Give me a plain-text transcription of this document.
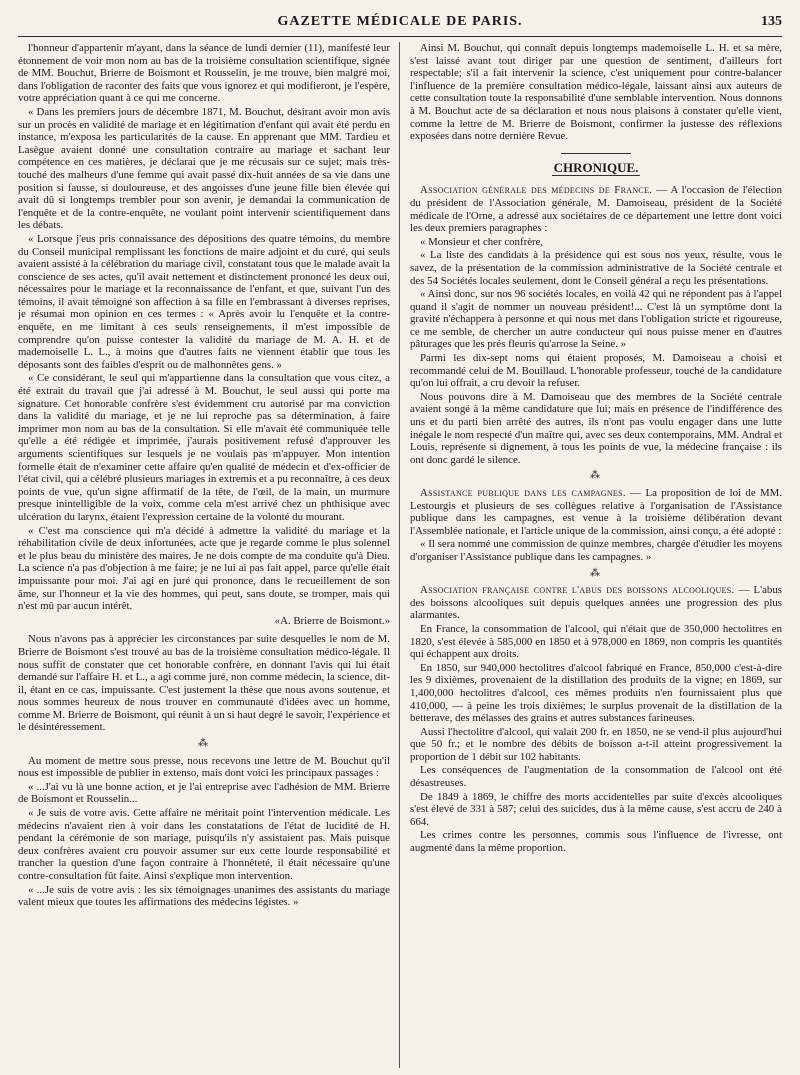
GAZETTE MÉDICALE DE PARIS.	135

l'honneur d'appartenir m'ayant, dans la séance de lundi dernier (11), manifesté leur étonnement de voir mon nom au bas de la troisième consultation scientifique, signée de MM. Bouchut, Brierre de Boismont et Rousselin, je me trouve, bien malgré moi, dans l'obligation de raconter des faits que vous ignorez et qui modifieront, je l'espère, votre appréciation quant à ce qui me concerne.

« Dans les premiers jours de décembre 1871, M. Bouchut, désirant avoir mon avis sur un procès en validité de mariage et en légitimation d'enfant qui avait été perdu en instance, m'exposa les particularités de la cause. En apprenant que MM. Tardieu et Lasègue avaient donné une consultation contraire au mariage et sachant leur compétence en ces matières, je déclarai que je me récusais sur ce sujet; mais très-touché des malheurs d'une femme qui avait passé dix-huit années de sa vie dans une position si fausse, si douloureuse, et des angoisses d'une jeune fille bien élevée qui avait dû si longtemps trembler pour son avenir, je demandai la communication de l'enquête et de la contre-enquête, ne voulant point intervenir scientifiquement dans les débats.

« Lorsque j'eus pris connaissance des dépositions des quatre témoins, du membre du Conseil municipal remplissant les fonctions de maire adjoint et du curé, qui seuls avaient assisté à la célébration du mariage civil, constatant tous que le malade avait la conscience de ses actes, qu'il avait nettement et distinctement prononcé les deux oui, nécessaires pour le mariage et la reconnaissance de l'enfant, et que, suivant l'un des témoins, il avait témoigné son affection à sa fille en l'embrassant à diverses reprises, je résumai mon opinion en ces termes : « Après avoir lu l'enquête et la contre-enquête, en me limitant à ces seuls renseignements, il m'est impossible de comprendre qu'on puisse contester la validité du mariage de M. A. H. et de mademoiselle L. L., à moins que d'autres faits ne viennent établir que tous les déposants sont des faibles d'esprit ou de malhonnêtes gens. »

« Ce considérant, le seul qui m'appartienne dans la consultation que vous citez, a été extrait du travail que j'ai adressé à M. Bouchut, le seul aussi qui porte ma signature. Cet honorable confrère s'est évidemment cru autorisé par ma conviction dans la validité du mariage, et je ne lui reproche pas sa détermination, à faire imprimer mon nom au bas de la consultation. Si elle m'avait été communiquée telle qu'elle a été rédigée et imprimée, j'aurais positivement refusé d'approuver les arguments scientifiques sur lesquels je ne voulais pas m'appuyer. Mon intention formelle était de n'examiner cette affaire qu'en qualité de médecin et d'ex-officier de l'état civil, qui a célébré plusieurs mariages in extremis et a pu reconnaître, à ces deux points de vue, qu'un signe affirmatif de la tête, de l'œil, de la main, un murmure presque inintelligible de la voix, comme cela m'est arrivé chez un phthisique avec ulcération du larynx, étaient l'expression certaine de la volonté du mourant.

« C'est ma conscience qui m'a décidé à admettre la validité du mariage et la réhabilitation civile de deux infortunées, acte que je regarde comme le plus solennel et le plus beau du ministère des maires. Je ne dois compte de ma conduite qu'à Dieu. La science n'a pas d'objection à me faire; je ne lui ai pas fait appel, parce qu'elle était impuissante pour moi. J'ai agi en juré qui prononce, dans le recueillement de son âme, sur l'honneur et la vie des hommes, qui peut, sans doute, se tromper, mais qui n'est mû par aucun intérêt.

«A. Brierre de Boismont.»

Nous n'avons pas à apprécier les circonstances par suite desquelles le nom de M. Brierre de Boismont s'est trouvé au bas de la troisième consultation médico-légale. Il nous suffit de constater que cet honorable confrère, en donnant l'avis qui lui était demandé sur l'affaire H. et L., a agi comme juré, non comme médecin, la science, dit-il, étant en ce cas, impuissante. C'est justement la thèse que nous avons soutenue, et nous sommes heureux de nous trouver en communauté d'idées avec un homme, comme M. Brierre de Boismont, qui réunit à un si haut degré le savoir, l'expérience et le désintéressement.

⁂

Au moment de mettre sous presse, nous recevons une lettre de M. Bouchut qu'il nous est impossible de publier in extenso, mais dont voici les principaux passages :

« ...J'ai vu là une bonne action, et je l'ai entreprise avec l'adhésion de MM. Brierre de Boismont et Rousselin...

« Je suis de votre avis. Cette affaire ne méritait point l'intervention médicale. Les médecins n'avaient rien à voir dans les constatations de l'état de lucidité de H. pendant la cérémonie de son mariage, puisqu'ils n'y assistaient pas. Mais puisque deux confrères avaient cru pouvoir assumer sur eux cette lourde responsabilité et trancher la question d'une façon contraire à l'honnêteté, il était nécessaire qu'une contre-consultation fût faite. Ainsi s'explique mon intervention.

« ...Je suis de votre avis : les six témoignages unanimes des assistants du mariage valent mieux que toutes les affirmations des médecins légistes. »

Ainsi M. Bouchut, qui connaît depuis longtemps mademoiselle L. H. et sa mère, s'est laissé avant tout diriger par une question de sentiment, d'ailleurs fort respectable; s'il a fait intervenir la science, c'est uniquement pour contre-balancer l'influence de la première consultation médico-légale, laissant ainsi aux auteurs de cette consultation toute la responsabilité d'une semblable intervention. Nous donnons à M. Bouchut acte de sa déclaration et nous nous plaisons à constater qu'elle vient, comme la lettre de M. Brierre de Boismont, confirmer la justesse des réflexions exposées dans notre dernière Revue.

CHRONIQUE.

Association générale des médecins de France. — A l'occasion de l'élection du président de l'Association générale, M. Damoiseau, président de la Société médicale de l'Orne, a adressé aux sociétaires de ce département une lettre dont voici les deux premiers paragraphes :

« Monsieur et cher confrère,

« La liste des candidats à la présidence qui est sous nos yeux, résulte, vous le savez, de la présentation de la commission administrative de la Société centrale et des 54 Sociétés locales seulement, dont le Conseil général a reçu les présentations.

« Ainsi donc, sur nos 96 sociétés locales, en voilà 42 qui ne répondent pas à l'appel quand il s'agit de nommer un nouveau président!... C'est là un symptôme dont la gravité n'échappera à personne et qui nous met dans l'obligation stricte et rigoureuse, ce me semble, de chercher un autre conducteur qui nous puisse mener en d'autres pâturages que les prés fleuris qu'arrose la Seine. »

Parmi les dix-sept noms qui étaient proposés, M. Damoiseau a choisi et recommandé celui de M. Bouillaud. L'honorable professeur, touché de la candidature qu'on lui offrait, a cru devoir la refuser.

Nous pouvons dire à M. Damoiseau que des membres de la Société centrale avaient songé à la même candidature que lui; mais en présence de l'indifférence des uns et du parti bien arrêté des autres, ils n'ont pas voulu engager dans une lutte inégale le nom respecté d'un maître qui, avec ses deux contemporains, MM. Andral et Louis, représente si dignement, à tous les points de vue, la médecine française : ils ont donc gardé le silence.

⁂

Assistance publique dans les campagnes. — La proposition de loi de MM. Lestourgis et plusieurs de ses collègues relative à l'organisation de l'Assistance publique dans les campagnes, est venue à la troisième délibération devant l'Assemblée nationale, et l'article unique de la commission, ainsi conçu, a été adopté :

« Il sera nommé une commission de quinze membres, chargée d'étudier les moyens d'organiser l'Assistance publique dans les campagnes. »

⁂

Association française contre l'abus des boissons alcooliques. — L'abus des boissons alcooliques suit depuis quelques années une progression des plus alarmantes.

En France, la consommation de l'alcool, qui n'était que de 350,000 hectolitres en 1820, s'est élevée à 585,000 en 1850 et à 978,000 en 1869, non compris les quantités qui échappent aux droits.

En 1850, sur 940,000 hectolitres d'alcool fabriqué en France, 850,000 c'est-à-dire les 9 dixièmes, provenaient de la distillation des produits de la vigne; en 1869, sur 1,400,000 hectolitres d'alcool, ces mêmes produits n'en fournissaient plus que 410,000, — à peine les trois dixièmes; le surplus provenait de la distillation de la betterave, des mélasses des grains et autres substances farineuses.

Aussi l'hectolitre d'alcool, qui valait 200 fr. en 1850, ne se vend-il plus aujourd'hui que 50 fr.; et le nombre des débits de boisson a-t-il atteint progressivement la proportion de 1 débit sur 102 habitants.

Les conséquences de l'augmentation de la consommation de l'alcool ont été désastreuses.

De 1849 à 1869, le chiffre des morts accidentelles par suite d'excès alcooliques s'est élevé de 331 à 587; celui des suicides, dus à la même cause, s'est accru de 240 à 664.

Les crimes contre les personnes, commis sous l'influence de l'ivresse, ont augmenté dans la même proportion.
